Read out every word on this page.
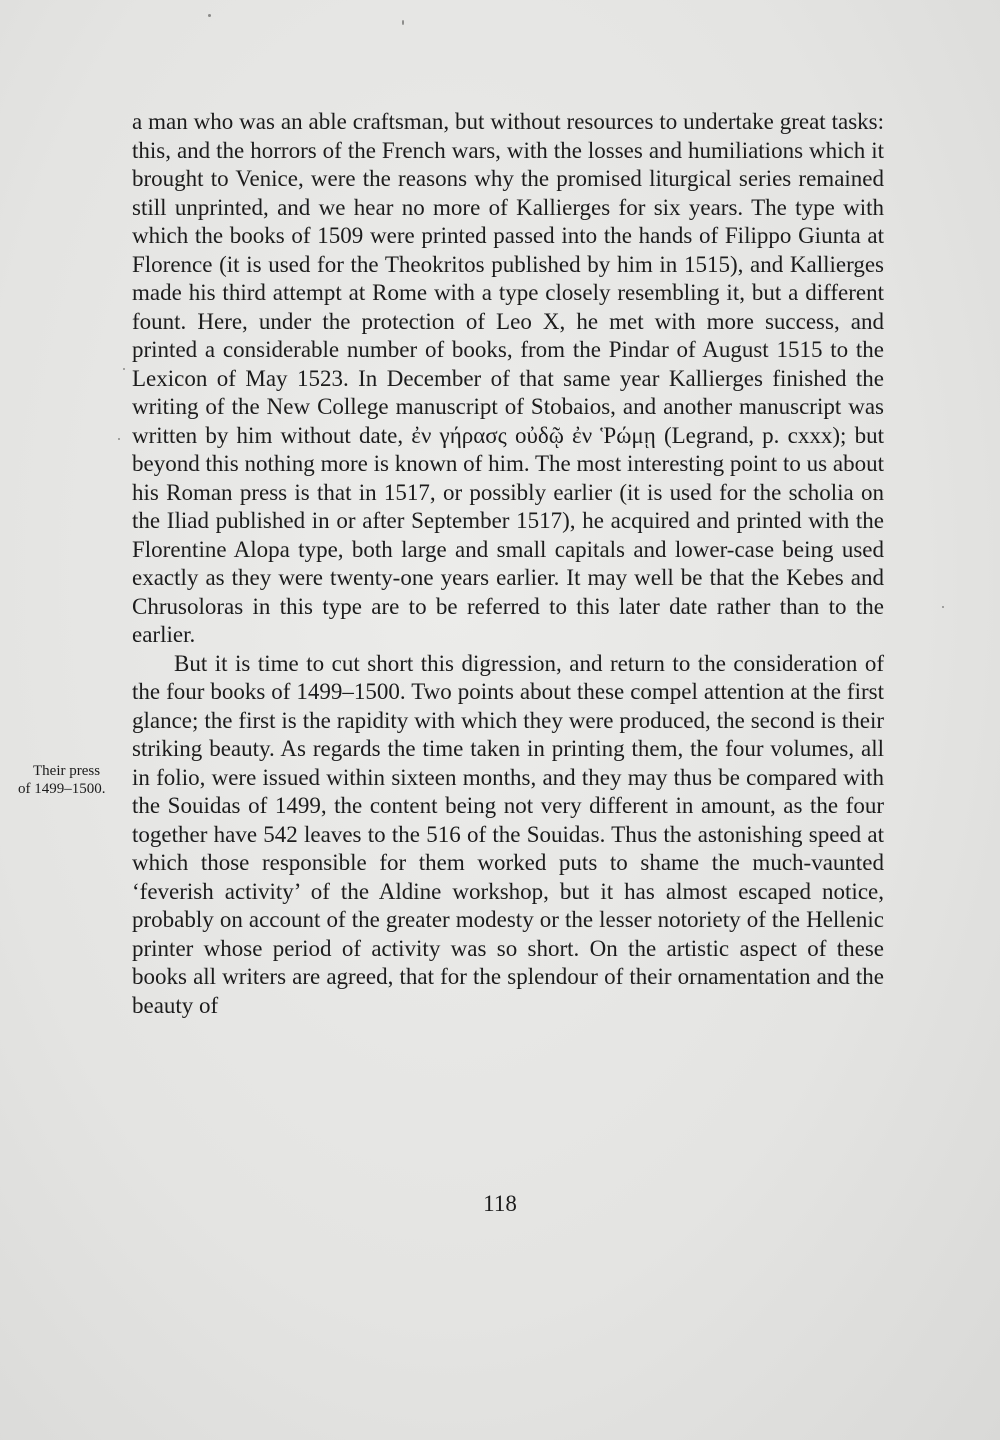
a man who was an able craftsman, but without resources to undertake great tasks: this, and the horrors of the French wars, with the losses and humiliations which it brought to Venice, were the reasons why the promised liturgical series remained still unprinted, and we hear no more of Kallierges for six years. The type with which the books of 1509 were printed passed into the hands of Filippo Giunta at Florence (it is used for the Theokritos published by him in 1515), and Kallierges made his third attempt at Rome with a type closely resembling it, but a different fount. Here, under the protection of Leo X, he met with more success, and printed a considerable number of books, from the Pindar of August 1515 to the Lexicon of May 1523. In December of that same year Kallierges finished the writing of the New College manuscript of Stobaios, and another manuscript was written by him without date, ἐν γήρασς οὐδῷ ἐν Ῥώμῃ (Legrand, p. cxxx); but beyond this nothing more is known of him. The most interesting point to us about his Roman press is that in 1517, or possibly earlier (it is used for the scholia on the Iliad published in or after September 1517), he acquired and printed with the Florentine Alopa type, both large and small capitals and lower-case being used exactly as they were twenty-one years earlier. It may well be that the Kebes and Chrusoloras in this type are to be referred to this later date rather than to the earlier.

But it is time to cut short this digression, and return to the consideration of the four books of 1499–1500. Two points about these compel attention at the first glance; the first is the rapidity with which they were produced, the second is their striking beauty. As regards the time taken in printing them, the four volumes, all in folio, were issued within sixteen months, and they may thus be compared with the Souidas of 1499, the content being not very different in amount, as the four together have 542 leaves to the 516 of the Souidas. Thus the astonishing speed at which those responsible for them worked puts to shame the much-vaunted ‘feverish activity’ of the Aldine workshop, but it has almost escaped notice, probably on account of the greater modesty or the lesser notoriety of the Hellenic printer whose period of activity was so short. On the artistic aspect of these books all writers are agreed, that for the splendour of their ornamentation and the beauty of

Their press
of 1499–1500.
118
